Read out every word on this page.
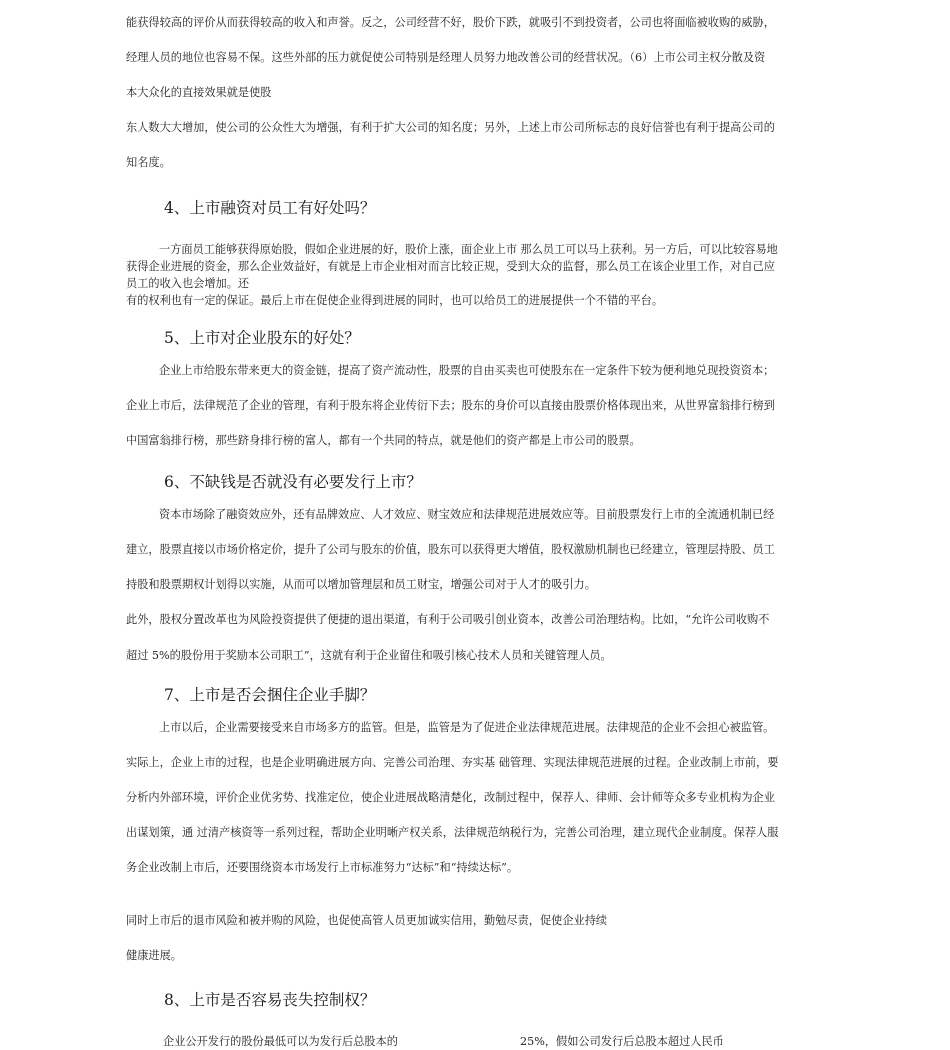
能获得较高的评价从而获得较高的收入和声誉。反之，公司经营不好，股价下跌，就吸引不到投资者，公司也将面临被收购的威胁，
经理人员的地位也容易不保。这些外部的压力就促使公司特别是经理人员努力地改善公司的经营状况。（6）上市公司主权分散及资
本大众化的直接效果就是使股
东人数大大增加，使公司的公众性大为增强，有利于扩大公司的知名度；另外，上述上市公司所标志的良好信誉也有利于提高公司的
知名度。
4、上市融资对员工有好处吗？
一方面员工能够获得原始股，假如企业进展的好，股价上涨，面企业上市 那么员工可以马上获利。另一方后，可以比较容易地
获得企业进展的资金，那么企业效益好，有就是上市企业相对而言比较正规，受到大众的监督，那么员工在该企业里工作，对自己应
员工的收入也会增加。还
有的权利也有一定的保证。最后上市在促使企业得到进展的同时，也可以给员工的进展提供一个不错的平台。
5、上市对企业股东的好处？
企业上市给股东带来更大的资金链，提高了资产流动性，股票的自由买卖也可使股东在一定条件下较为便利地兑现投资资本；
企业上市后，法律规范了企业的管理，有利于股东将企业传衍下去；股东的身价可以直接由股票价格体现出来，从世界富翁排行榜到
中国富翁排行榜，那些跻身排行榜的富人，都有一个共同的特点，就是他们的资产都是上市公司的股票。
6、不缺钱是否就没有必要发行上市？
资本市场除了融资效应外，还有品牌效应、人才效应、财宝效应和法律规范进展效应等。目前股票发行上市的全流通机制已经
建立，股票直接以市场价格定价，提升了公司与股东的价值，股东可以获得更大增值，股权激励机制也已经建立，管理层持股、员工
持股和股票期权计划得以实施，从而可以增加管理层和员工财宝，增强公司对于人才的吸引力。
此外，股权分置改革也为风险投资提供了便捷的退出渠道，有利于公司吸引创业资本，改善公司治理结构。比如，“允许公司收购不
超过 5%的股份用于奖励本公司职工”，这就有利于企业留住和吸引核心技术人员和关键管理人员。
7、上市是否会捆住企业手脚？
上市以后，企业需要接受来自市场多方的监管。但是，监管是为了促进企业法律规范进展。法律规范的企业不会担心被监管。
实际上，企业上市的过程，也是企业明确进展方向、完善公司治理、夯实基 础管理、实现法律规范进展的过程。企业改制上市前，要
分析内外部环境，评价企业优劣势、找准定位，使企业进展战略清楚化，改制过程中，保荐人、律师、会计师等众多专业机构为企业
出谋划策，通 过清产核资等一系列过程，帮助企业明晰产权关系，法律规范纳税行为，完善公司治理，建立现代企业制度。保荐人服
务企业改制上市后，还要围绕资本市场发行上市标准努力“达标”和“持续达标”。
同时上市后的退市风险和被并购的风险，也促使高管人员更加诚实信用，勤勉尽责，促使企业持续
健康进展。
8、上市是否容易丧失控制权？
企业公开发行的股份最低可以为发行后总股本的	25%，假如公司发行后总股本超过人民币
